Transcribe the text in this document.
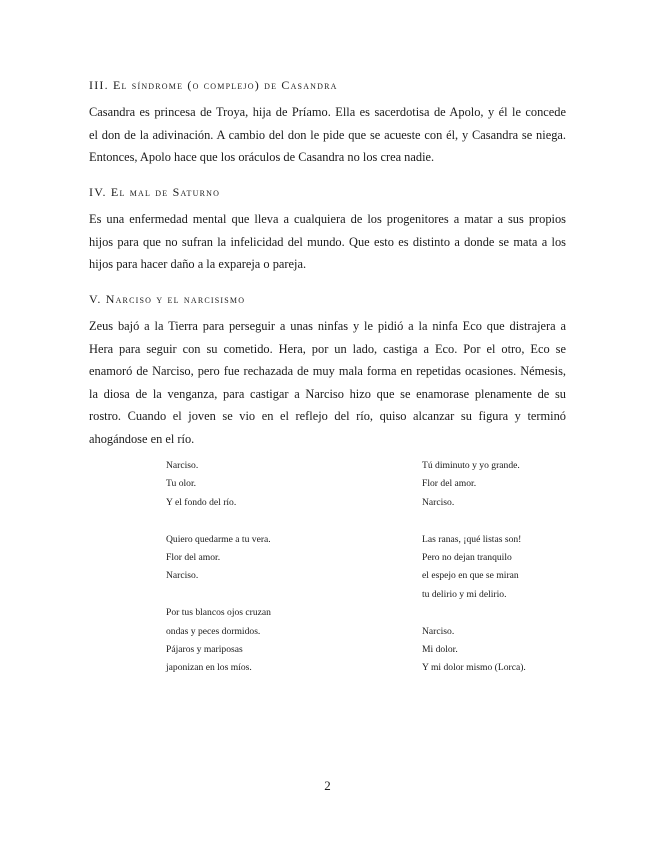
III. El síndrome (o complejo) de Casandra
Casandra es princesa de Troya, hija de Príamo. Ella es sacerdotisa de Apolo, y él le concede
el don de la adivinación. A cambio del don le pide que se acueste con él, y Casandra se niega.
Entonces, Apolo hace que los oráculos de Casandra no los crea nadie.
IV. El mal de Saturno
Es una enfermedad mental que lleva a cualquiera de los progenitores a matar a sus propios
hijos para que no sufran la infelicidad del mundo. Que esto es distinto a donde se mata a los
hijos para hacer daño a la expareja o pareja.
V. Narciso y el narcisismo
Zeus bajó a la Tierra para perseguir a unas ninfas y le pidió a la ninfa Eco que distrajera a
Hera para seguir con su cometido. Hera, por un lado, castiga a Eco. Por el otro, Eco se
enamoró de Narciso, pero fue rechazada de muy mala forma en repetidas ocasiones. Némesis,
la diosa de la venganza, para castigar a Narciso hizo que se enamorase plenamente de su
rostro. Cuando el joven se vio en el reflejo del río, quiso alcanzar su figura y terminó
ahogándose en el río.
Narciso.
Tu olor.
Y el fondo del río.
Quiero quedarme a tu vera.
Flor del amor.
Narciso.
Por tus blancos ojos cruzan
ondas y peces dormidos.
Pájaros y mariposas
japonizan en los míos.
Tú diminuto y yo grande.
Flor del amor.
Narciso.
Las ranas, ¡qué listas son!
Pero no dejan tranquilo
el espejo en que se miran
tu delirio y mi delirio.
Narciso.
Mi dolor.
Y mi dolor mismo (Lorca).
2
